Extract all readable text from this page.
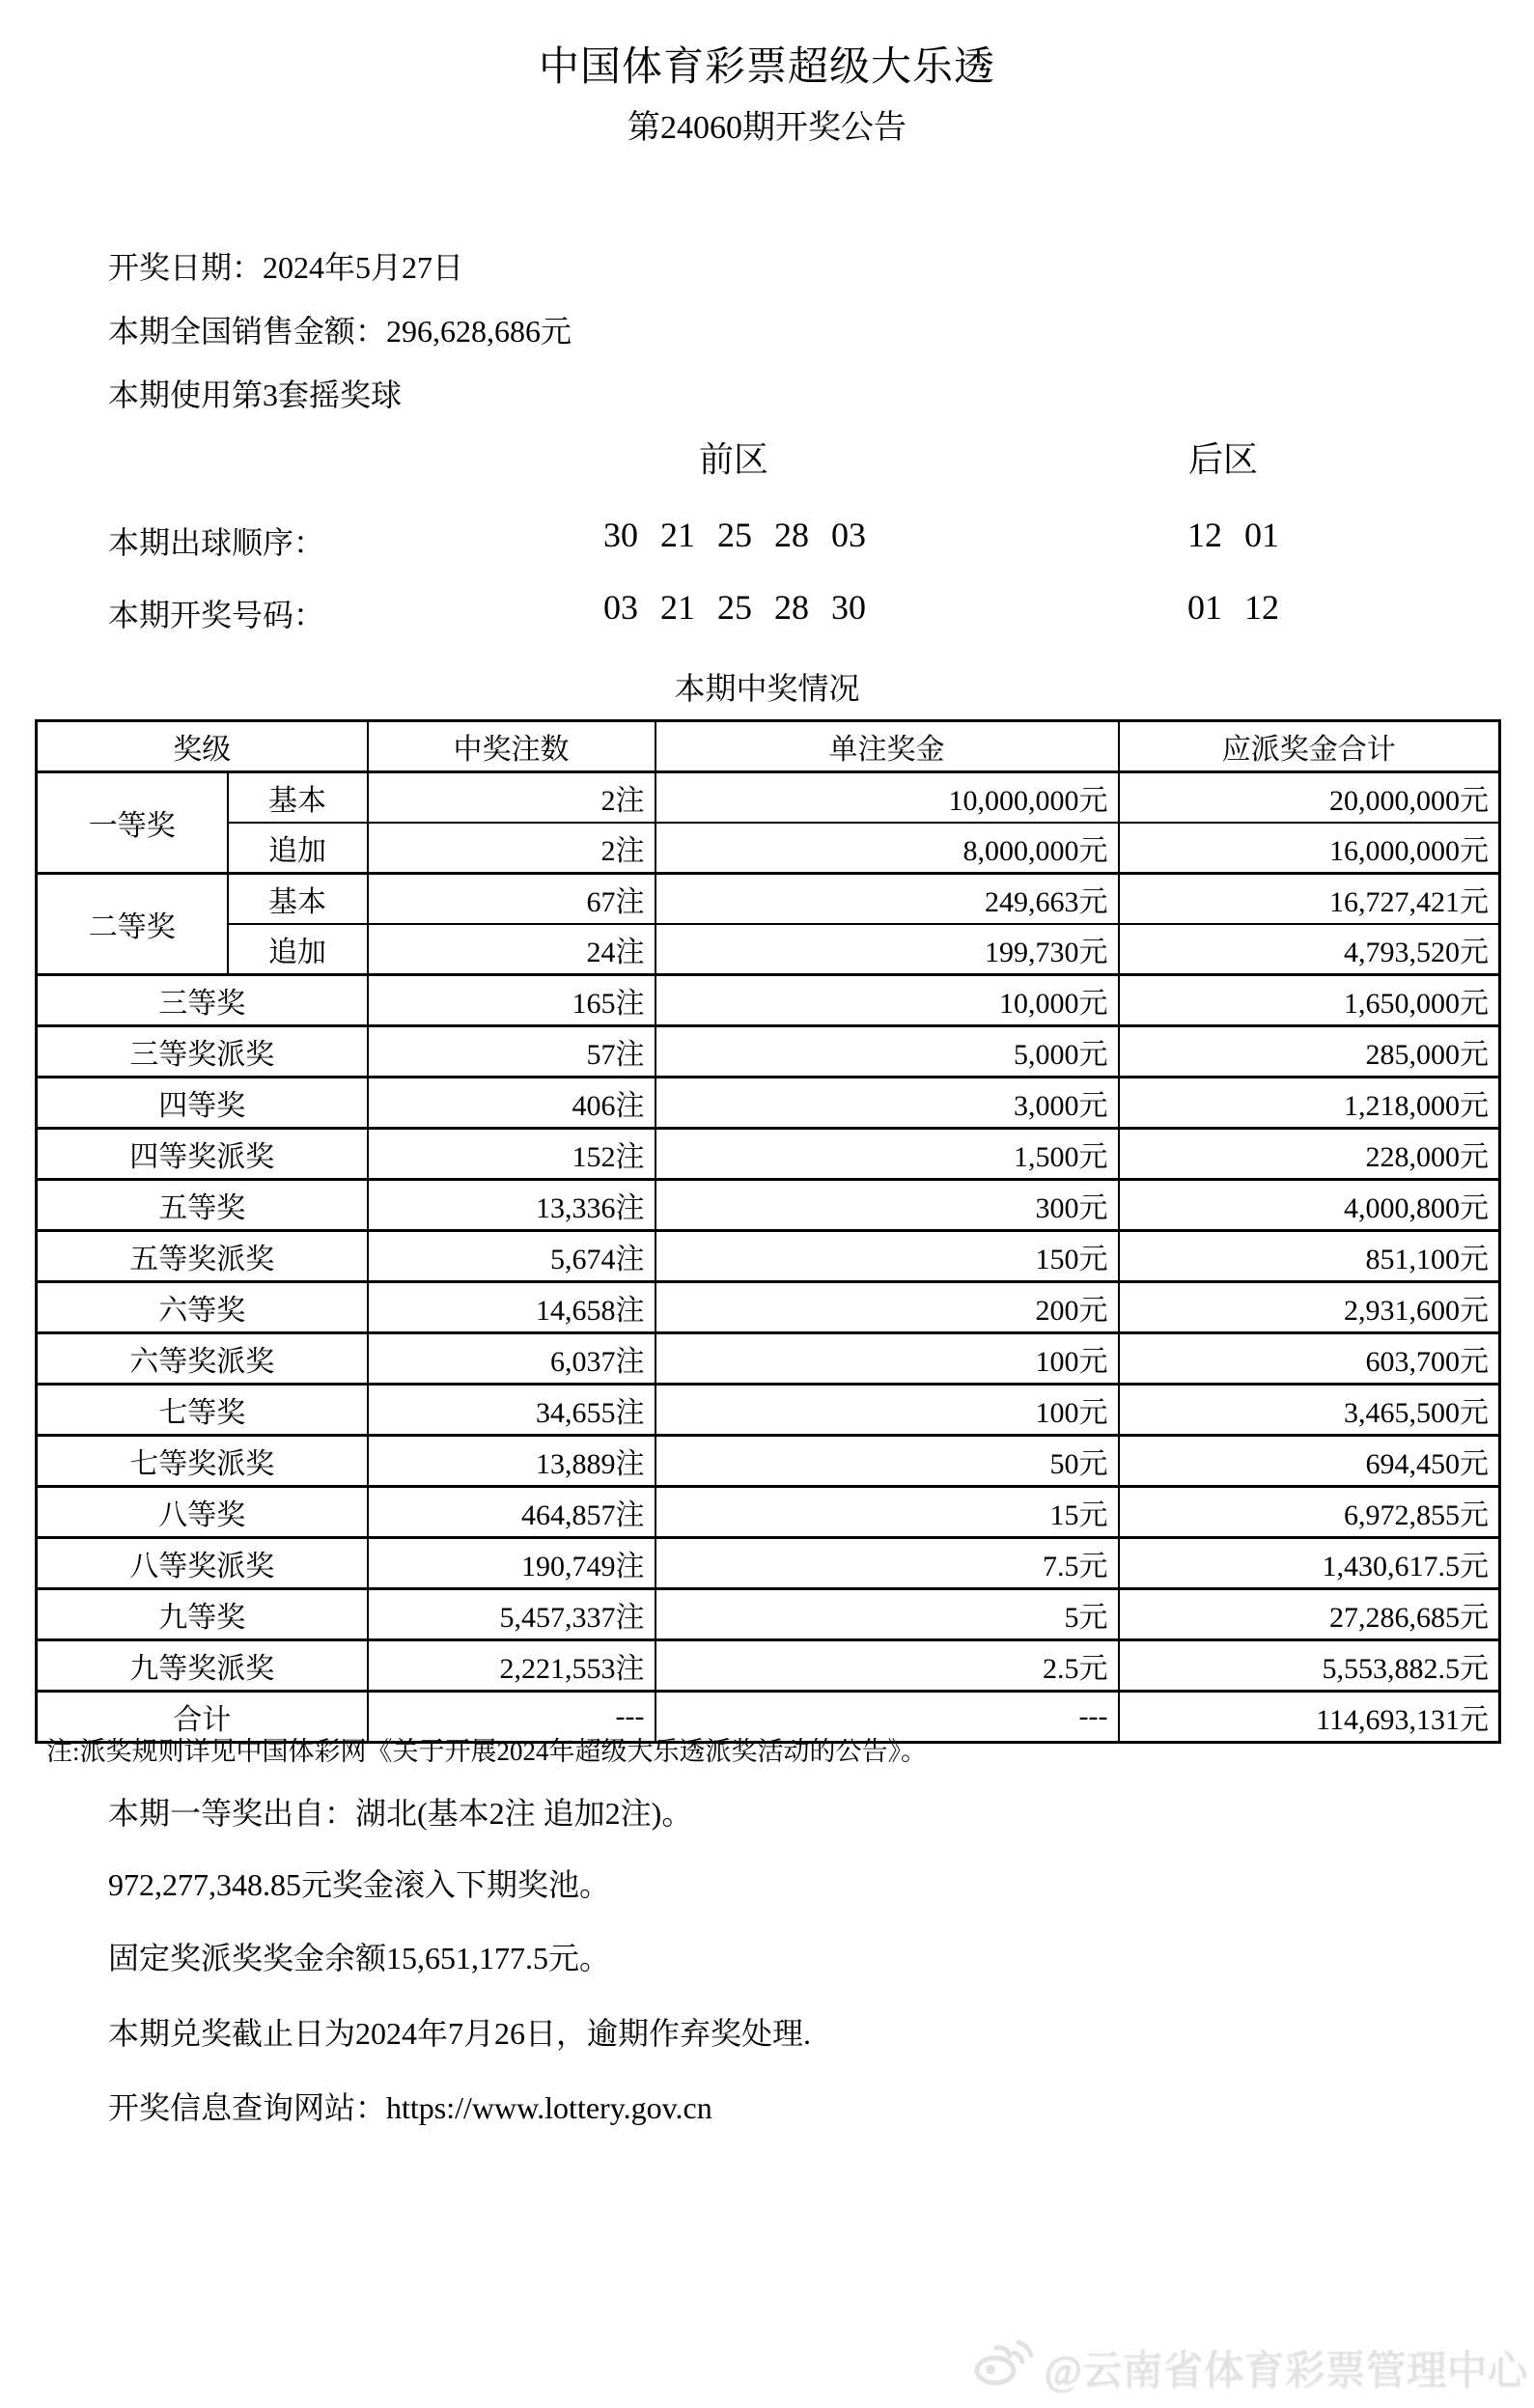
中国体育彩票超级大乐透
第24060期开奖公告
开奖日期：2024年5月27日
本期全国销售金额：296,628,686元
本期使用第3套摇奖球
前区	后区
本期出球顺序：	30 21 25 28 03	12 01
本期开奖号码：	03 21 25 28 30	01 12
本期中奖情况
奖级		中奖注数	单注奖金	应派奖金合计
一等奖	基本	2注	10,000,000元	20,000,000元
	追加	2注	8,000,000元	16,000,000元
二等奖	基本	67注	249,663元	16,727,421元
	追加	24注	199,730元	4,793,520元
三等奖		165注	10,000元	1,650,000元
三等奖派奖		57注	5,000元	285,000元
四等奖		406注	3,000元	1,218,000元
四等奖派奖		152注	1,500元	228,000元
五等奖		13,336注	300元	4,000,800元
五等奖派奖		5,674注	150元	851,100元
六等奖		14,658注	200元	2,931,600元
六等奖派奖		6,037注	100元	603,700元
七等奖		34,655注	100元	3,465,500元
七等奖派奖		13,889注	50元	694,450元
八等奖		464,857注	15元	6,972,855元
八等奖派奖		190,749注	7.5元	1,430,617.5元
九等奖		5,457,337注	5元	27,286,685元
九等奖派奖		2,221,553注	2.5元	5,553,882.5元
合计		---	---	114,693,131元
注:派奖规则详见中国体彩网《关于开展2024年超级大乐透派奖活动的公告》。
本期一等奖出自：湖北(基本2注 追加2注)。
972,277,348.85元奖金滚入下期奖池。
固定奖派奖奖金余额15,651,177.5元。
本期兑奖截止日为2024年7月26日，逾期作弃奖处理.
开奖信息查询网站：https://www.lottery.gov.cn
@云南省体育彩票管理中心
